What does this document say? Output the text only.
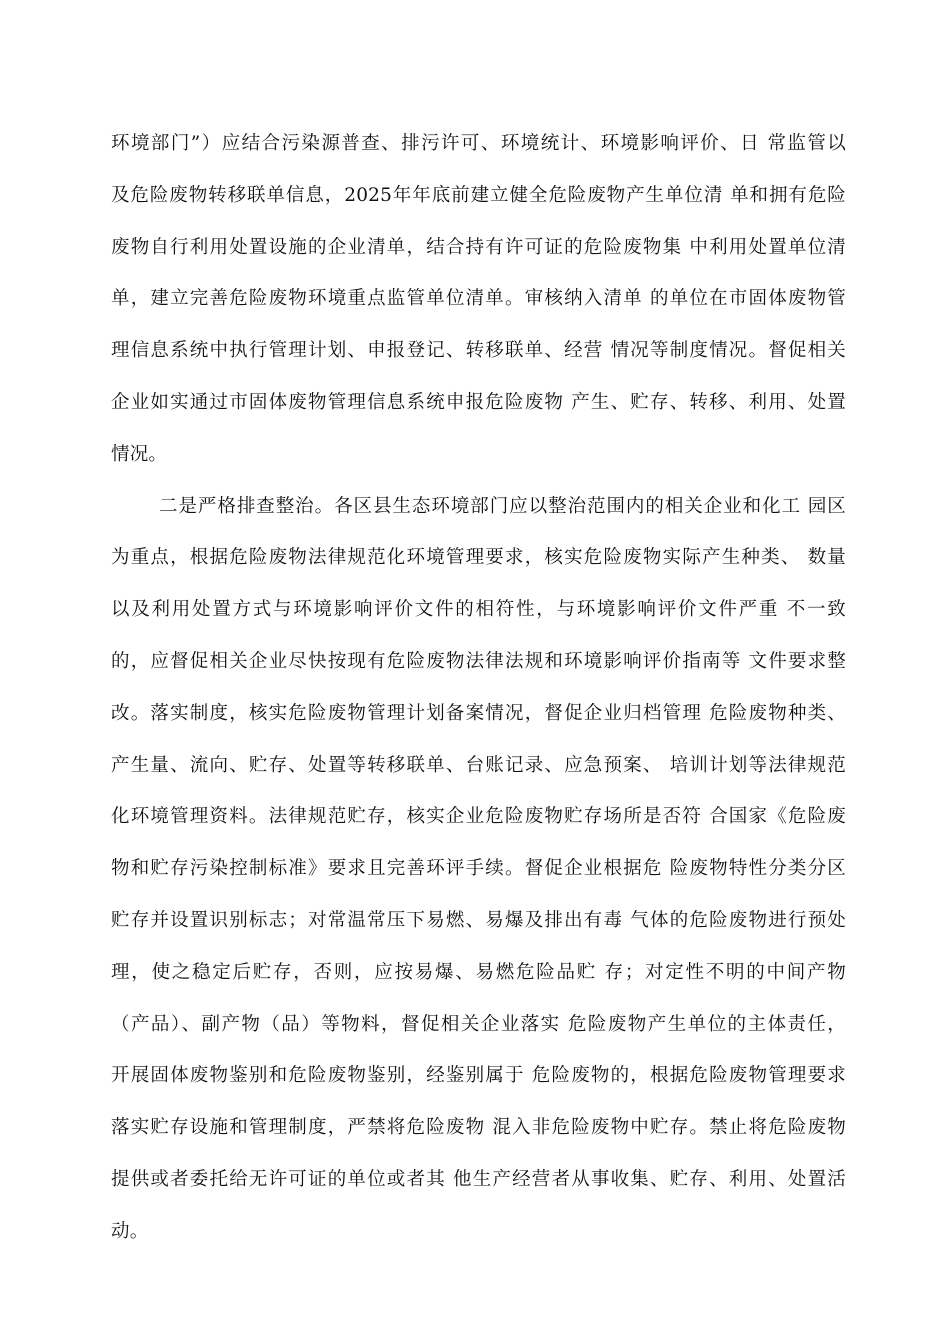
环境部门”）应结合污染源普查、排污许可、环境统计、环境影响评价、日 常监管以
及危险废物转移联单信息，2025年年底前建立健全危险废物产生单位清 单和拥有危险
废物自行利用处置设施的企业清单，结合持有许可证的危险废物集 中利用处置单位清
单，建立完善危险废物环境重点监管单位清单。审核纳入清单 的单位在市固体废物管
理信息系统中执行管理计划、申报登记、转移联单、经营 情况等制度情况。督促相关
企业如实通过市固体废物管理信息系统申报危险废物 产生、贮存、转移、利用、处置
情况。
二是严格排查整治。各区县生态环境部门应以整治范围内的相关企业和化工 园区
为重点，根据危险废物法律规范化环境管理要求，核实危险废物实际产生种类、 数量
以及利用处置方式与环境影响评价文件的相符性，与环境影响评价文件严重 不一致
的，应督促相关企业尽快按现有危险废物法律法规和环境影响评价指南等 文件要求整
改。落实制度，核实危险废物管理计划备案情况，督促企业归档管理 危险废物种类、
产生量、流向、贮存、处置等转移联单、台账记录、应急预案、 培训计划等法律规范
化环境管理资料。法律规范贮存，核实企业危险废物贮存场所是否符 合国家《危险废
物和贮存污染控制标准》要求且完善环评手续。督促企业根据危 险废物特性分类分区
贮存并设置识别标志；对常温常压下易燃、易爆及排出有毒 气体的危险废物进行预处
理，使之稳定后贮存，否则，应按易爆、易燃危险品贮 存；对定性不明的中间产物
（产品）、副产物（品）等物料，督促相关企业落实 危险废物产生单位的主体责任，
开展固体废物鉴别和危险废物鉴别，经鉴别属于 危险废物的，根据危险废物管理要求
落实贮存设施和管理制度，严禁将危险废物 混入非危险废物中贮存。禁止将危险废物
提供或者委托给无许可证的单位或者其 他生产经营者从事收集、贮存、利用、处置活
动。
